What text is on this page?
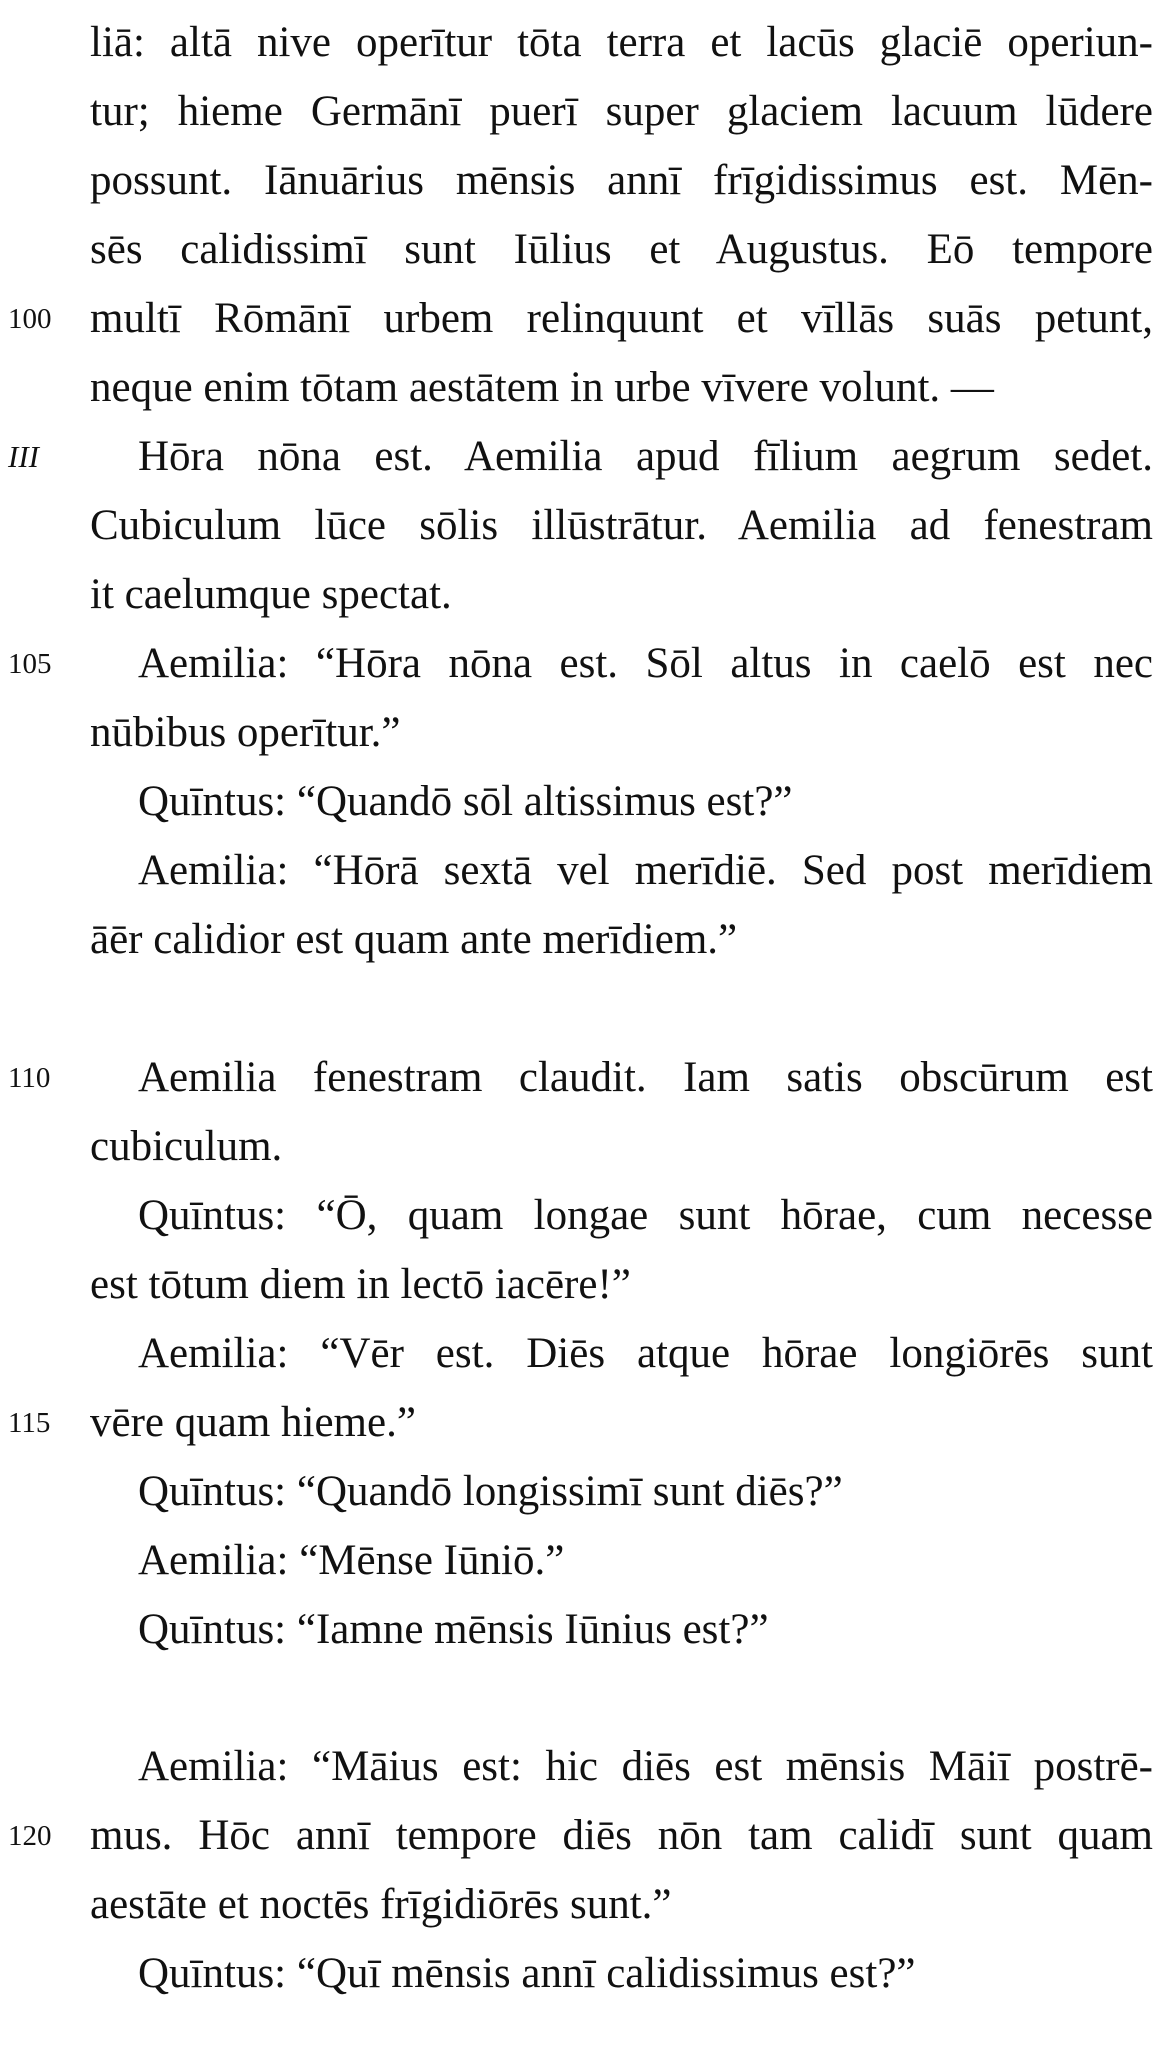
100
III
105
110
115
120
liā: altā nive operītur tōta terra et lacūs glaciē operiun-
tur; hieme Germānī puerī super glaciem lacuum lūdere
possunt. Iānuārius mēnsis annī frīgidissimus est. Mēn-
sēs calidissimī sunt Iūlius et Augustus. Eō tempore
multī Rōmānī urbem relinquunt et vīllās suās petunt,
neque enim tōtam aestātem in urbe vīvere volunt. —
Hōra nōna est. Aemilia apud fīlium aegrum sedet.
Cubiculum lūce sōlis illūstrātur. Aemilia ad fenestram
it caelumque spectat.
Aemilia: “Hōra nōna est. Sōl altus in caelō est nec
nūbibus operītur.”
Quīntus: “Quandō sōl altissimus est?”
Aemilia: “Hōrā sextā vel merīdiē. Sed post merīdiem
āēr calidior est quam ante merīdiem.”
Aemilia fenestram claudit. Iam satis obscūrum est
cubiculum.
Quīntus: “Ō, quam longae sunt hōrae, cum necesse
est tōtum diem in lectō iacēre!”
Aemilia: “Vēr est. Diēs atque hōrae longiōrēs sunt
vēre quam hieme.”
Quīntus: “Quandō longissimī sunt diēs?”
Aemilia: “Mēnse Iūniō.”
Quīntus: “Iamne mēnsis Iūnius est?”
Aemilia: “Māius est: hic diēs est mēnsis Māiī postrē-
mus. Hōc annī tempore diēs nōn tam calidī sunt quam
aestāte et noctēs frīgidiōrēs sunt.”
Quīntus: “Quī mēnsis annī calidissimus est?”
